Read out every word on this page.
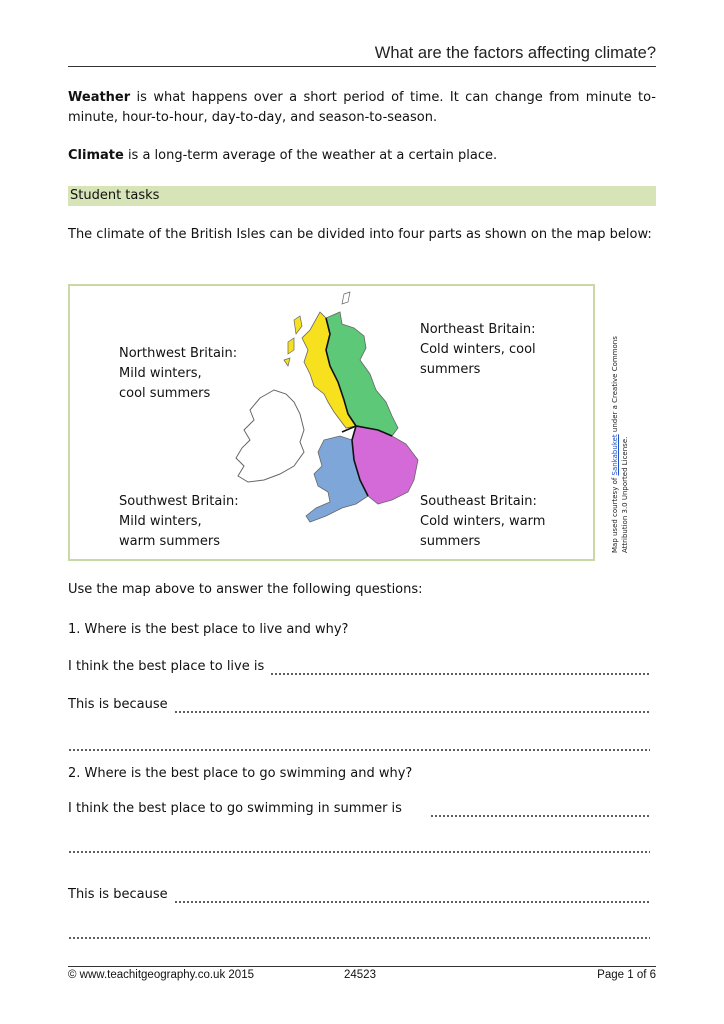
What are the factors affecting climate?
Weather is what happens over a short period of time. It can change from minute to-minute, hour-to-hour, day-to-day, and season-to-season.
Climate is a long-term average of the weather at a certain place.
Student tasks
The climate of the British Isles can be divided into four parts as shown on the map below:
Northwest Britain:
Mild winters,
cool summers
Northeast Britain:
Cold winters, cool
summers
Southwest Britain:
Mild winters,
warm summers
Southeast Britain:
Cold winters, warm
summers	Map used courtesy of Sankabuket under a Creative Commons Attribution 3.0 Unported License.
Use the map above to answer the following questions:
1. Where is the best place to live and why?
I think the best place to live is
This is because
2. Where is the best place to go swimming and why?
I think the best place to go swimming in summer is
This is because
© www.teachitgeography.co.uk 2015	24523	Page 1 of 6
